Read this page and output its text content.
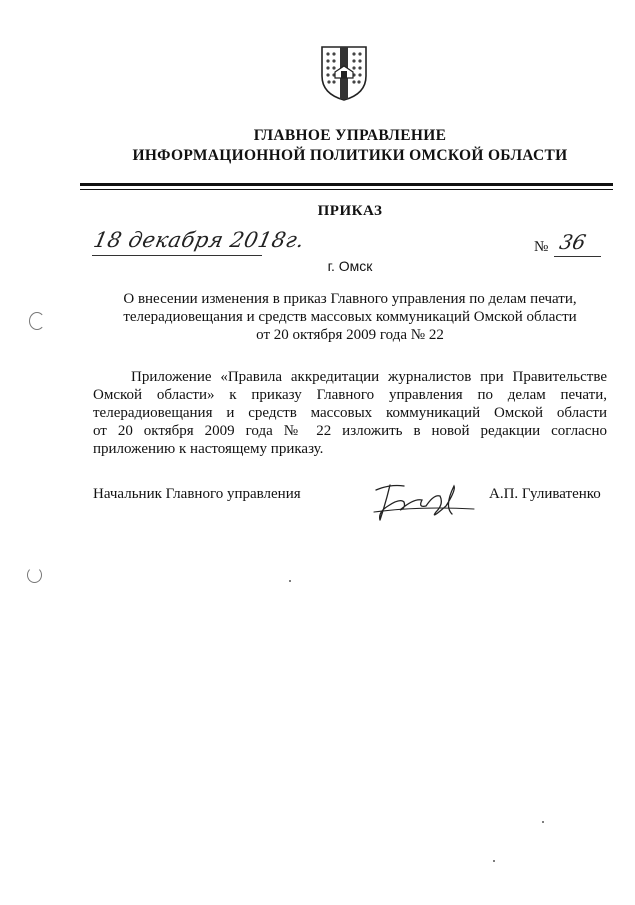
ГЛАВНОЕ УПРАВЛЕНИЕ
ИНФОРМАЦИОННОЙ ПОЛИТИКИ ОМСКОЙ ОБЛАСТИ
ПРИКАЗ
18 декабря 2018г.	№ 36
г. Омск
О внесении изменения в приказ Главного управления по делам печати,
телерадиовещания и средств массовых коммуникаций Омской области
от 20 октября 2009 года № 22
Приложение «Правила аккредитации журналистов при Правительстве
Омской области» к приказу Главного управления по делам печати,
телерадиовещания и средств массовых коммуникаций Омской области
от 20 октября 2009 года № 22 изложить в новой редакции согласно
приложению к настоящему приказу.
Начальник Главного управления	А.П. Гуливатенко
